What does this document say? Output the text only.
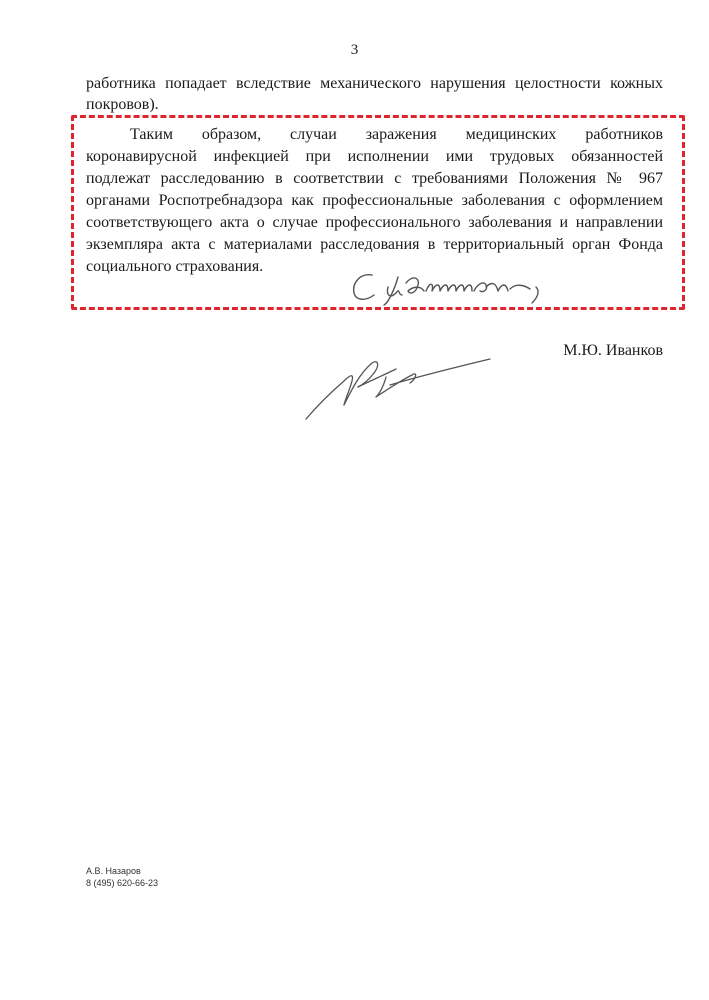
3
работника попадает вследствие механического нарушения целостности кожных
покровов).
Таким образом, случаи заражения медицинских работников
коронавирусной инфекцией при исполнении ими трудовых обязанностей
подлежат расследованию в соответствии с требованиями Положения № 967
органами Роспотребнадзора как профессиональные заболевания с оформлением
соответствующего акта о случае профессионального заболевания и направлении
экземпляра акта с материалами расследования в территориальный орган Фонда
социального страхования.
М.Ю. Иванков
А.В. Назаров
8 (495) 620-66-23
